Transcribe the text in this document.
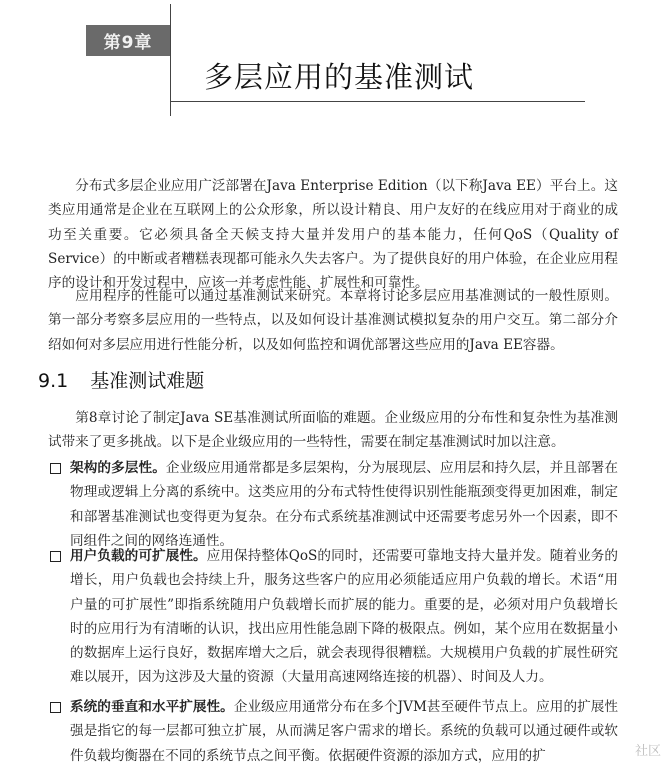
第9章
多层应用的基准测试

分布式多层企业应用广泛部署在Java Enterprise Edition（以下称Java EE）平台上。这类应用通常是企业在互联网上的公众形象，所以设计精良、用户友好的在线应用对于商业的成功至关重要。它必须具备全天候支持大量并发用户的基本能力，任何QoS（Quality of Service）的中断或者糟糕表现都可能永久失去客户。为了提供良好的用户体验，在企业应用程序的设计和开发过程中，应该一并考虑性能、扩展性和可靠性。

应用程序的性能可以通过基准测试来研究。本章将讨论多层应用基准测试的一般性原则。第一部分考察多层应用的一些特点，以及如何设计基准测试模拟复杂的用户交互。第二部分介绍如何对多层应用进行性能分析，以及如何监控和调优部署这些应用的Java EE容器。

9.1 基准测试难题

第8章讨论了制定Java SE基准测试所面临的难题。企业级应用的分布性和复杂性为基准测试带来了更多挑战。以下是企业级应用的一些特性，需要在制定基准测试时加以注意。

架构的多层性。企业级应用通常都是多层架构，分为展现层、应用层和持久层，并且部署在物理或逻辑上分离的系统中。这类应用的分布式特性使得识别性能瓶颈变得更加困难，制定和部署基准测试也变得更为复杂。在分布式系统基准测试中还需要考虑另外一个因素，即不同组件之间的网络连通性。
用户负载的可扩展性。应用保持整体QoS的同时，还需要可靠地支持大量并发。随着业务的增长，用户负载也会持续上升，服务这些客户的应用必须能适应用户负载的增长。术语“用户量的可扩展性”即指系统随用户负载增长而扩展的能力。重要的是，必须对用户负载增长时的应用行为有清晰的认识，找出应用性能急剧下降的极限点。例如，某个应用在数据量小的数据库上运行良好，数据库增大之后，就会表现得很糟糕。大规模用户负载的扩展性研究难以展开，因为这涉及大量的资源（大量用高速网络连接的机器）、时间及人力。
系统的垂直和水平扩展性。企业级应用通常分布在多个JVM甚至硬件节点上。应用的扩展性强是指它的每一层都可独立扩展，从而满足客户需求的增长。系统的负载可以通过硬件或软件负载均衡器在不同的系统节点之间平衡。依据硬件资源的添加方式，应用的扩	社区
